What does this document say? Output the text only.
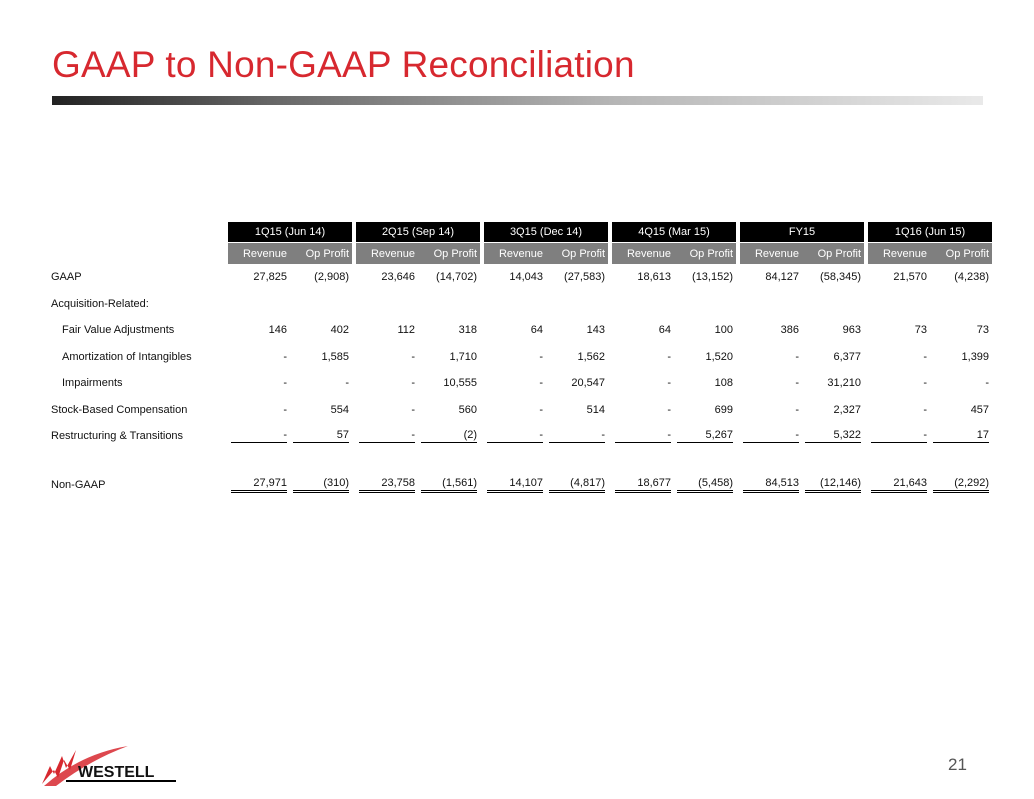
GAAP to Non-GAAP Reconciliation
	1Q15 (Jun 14)			2Q15 (Sep 14)			3Q15 (Dec 14)			4Q15 (Mar 15)			FY15			1Q16 (Jun 15)	

	Revenue	Op Profit		Revenue	Op Profit		Revenue	Op Profit		Revenue	Op Profit		Revenue	Op Profit		Revenue	Op Profit
GAAP	27,825	(2,908)		23,646	(14,702)		14,043	(27,583)		18,613	(13,152)		84,127	(58,345)		21,570	(4,238)
Acquisition-Related:																	
Fair Value Adjustments	146	402		112	318		64	143		64	100		386	963		73	73
Amortization of Intangibles	-	1,585		-	1,710		-	1,562		-	1,520		-	6,377		-	1,399
Impairments	-	-		-	10,555		-	20,547		-	108		-	31,210		-	-
Stock-Based Compensation	-	554		-	560		-	514		-	699		-	2,327		-	457
Restructuring & Transitions	-	57		-	(2)		-	-		-	5,267		-	5,322		-	17

Non-GAAP	27,971	(310)		23,758	(1,561)		14,107	(4,817)		18,677	(5,458)		84,513	(12,146)		21,643	(2,292)
WESTELL	21
